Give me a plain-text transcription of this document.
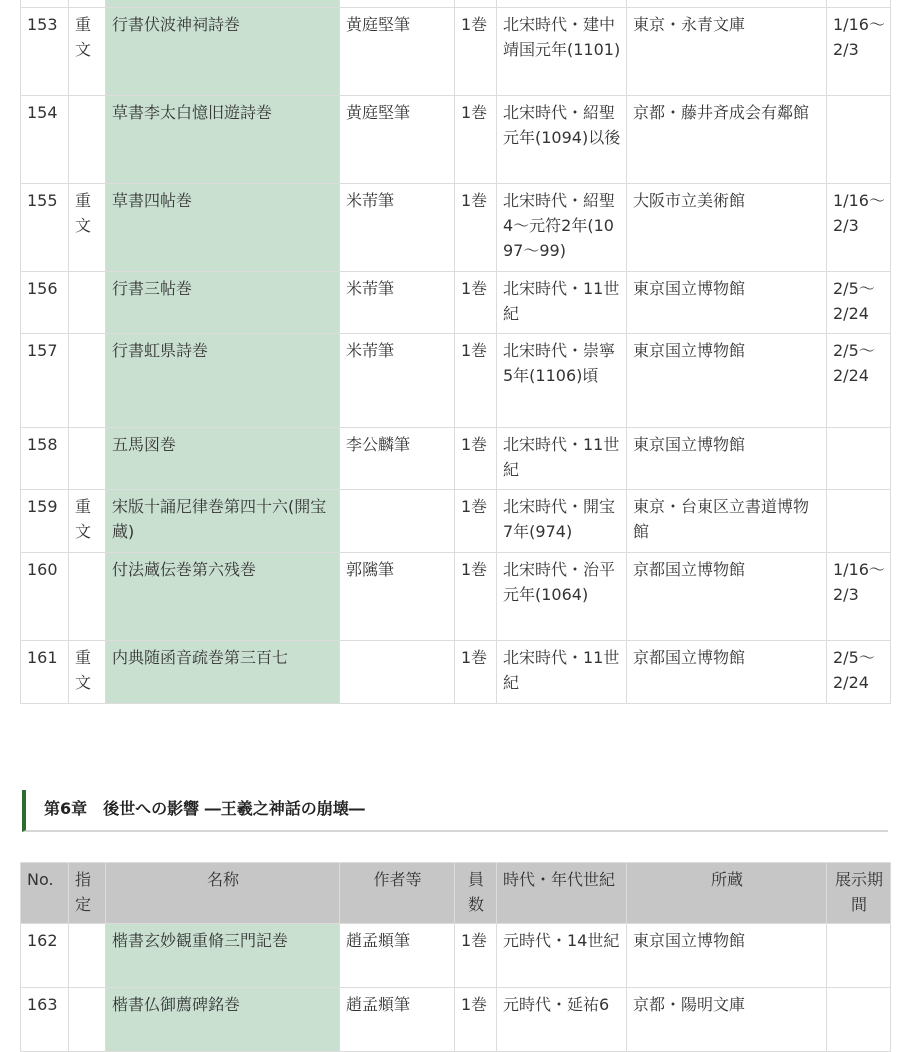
153	重文	行書伏波神祠詩巻	黄庭堅筆	1巻	北宋時代・建中靖国元年(1101)	東京・永青文庫	1/16〜2/3
154		草書李太白憶旧遊詩巻	黄庭堅筆	1巻	北宋時代・紹聖元年(1094)以後	京都・藤井斉成会有鄰館	
155	重文	草書四帖巻	米芾筆	1巻	北宋時代・紹聖4〜元符2年(1097〜99)	大阪市立美術館	1/16〜2/3
156		行書三帖巻	米芾筆	1巻	北宋時代・11世紀	東京国立博物館	2/5〜2/24
157		行書虹県詩巻	米芾筆	1巻	北宋時代・崇寧5年(1106)頃	東京国立博物館	2/5〜2/24
158		五馬図巻	李公麟筆	1巻	北宋時代・11世紀	東京国立博物館	
159	重文	宋版十誦尼律巻第四十六(開宝蔵)		1巻	北宋時代・開宝7年(974)	東京・台東区立書道博物館	
160		付法蔵伝巻第六残巻	郭隲筆	1巻	北宋時代・治平元年(1064)	京都国立博物館	1/16〜2/3
161	重文	内典随函音疏巻第三百七		1巻	北宋時代・11世紀	京都国立博物館	2/5〜2/24
第6章　後世への影響 ―王羲之神話の崩壊―
No.	指定	名称	作者等	員数	時代・年代世紀	所蔵	展示期間
162		楷書玄妙観重脩三門記巻	趙孟頫筆	1巻	元時代・14世紀	東京国立博物館	
163		楷書仏御薦碑銘巻	趙孟頫筆	1巻	元時代・延祐6	京都・陽明文庫	
